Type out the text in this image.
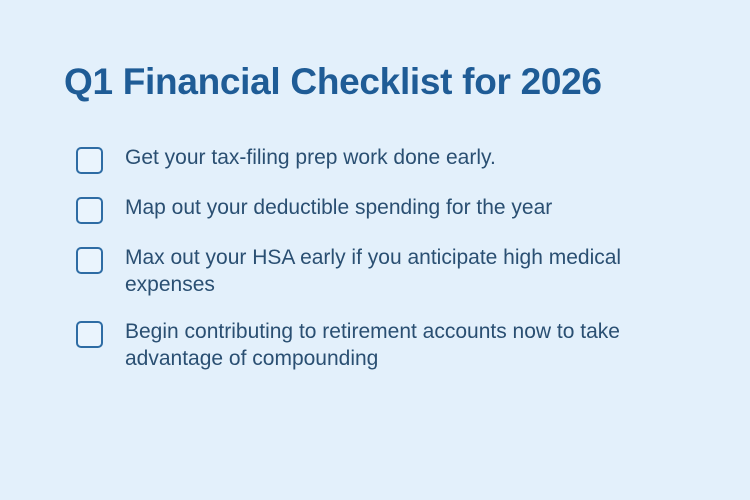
Q1 Financial Checklist for 2026
Get your tax-filing prep work done early.
Map out your deductible spending for the year
Max out your HSA early if you anticipate high medical expenses
Begin contributing to retirement accounts now to take advantage of compounding
